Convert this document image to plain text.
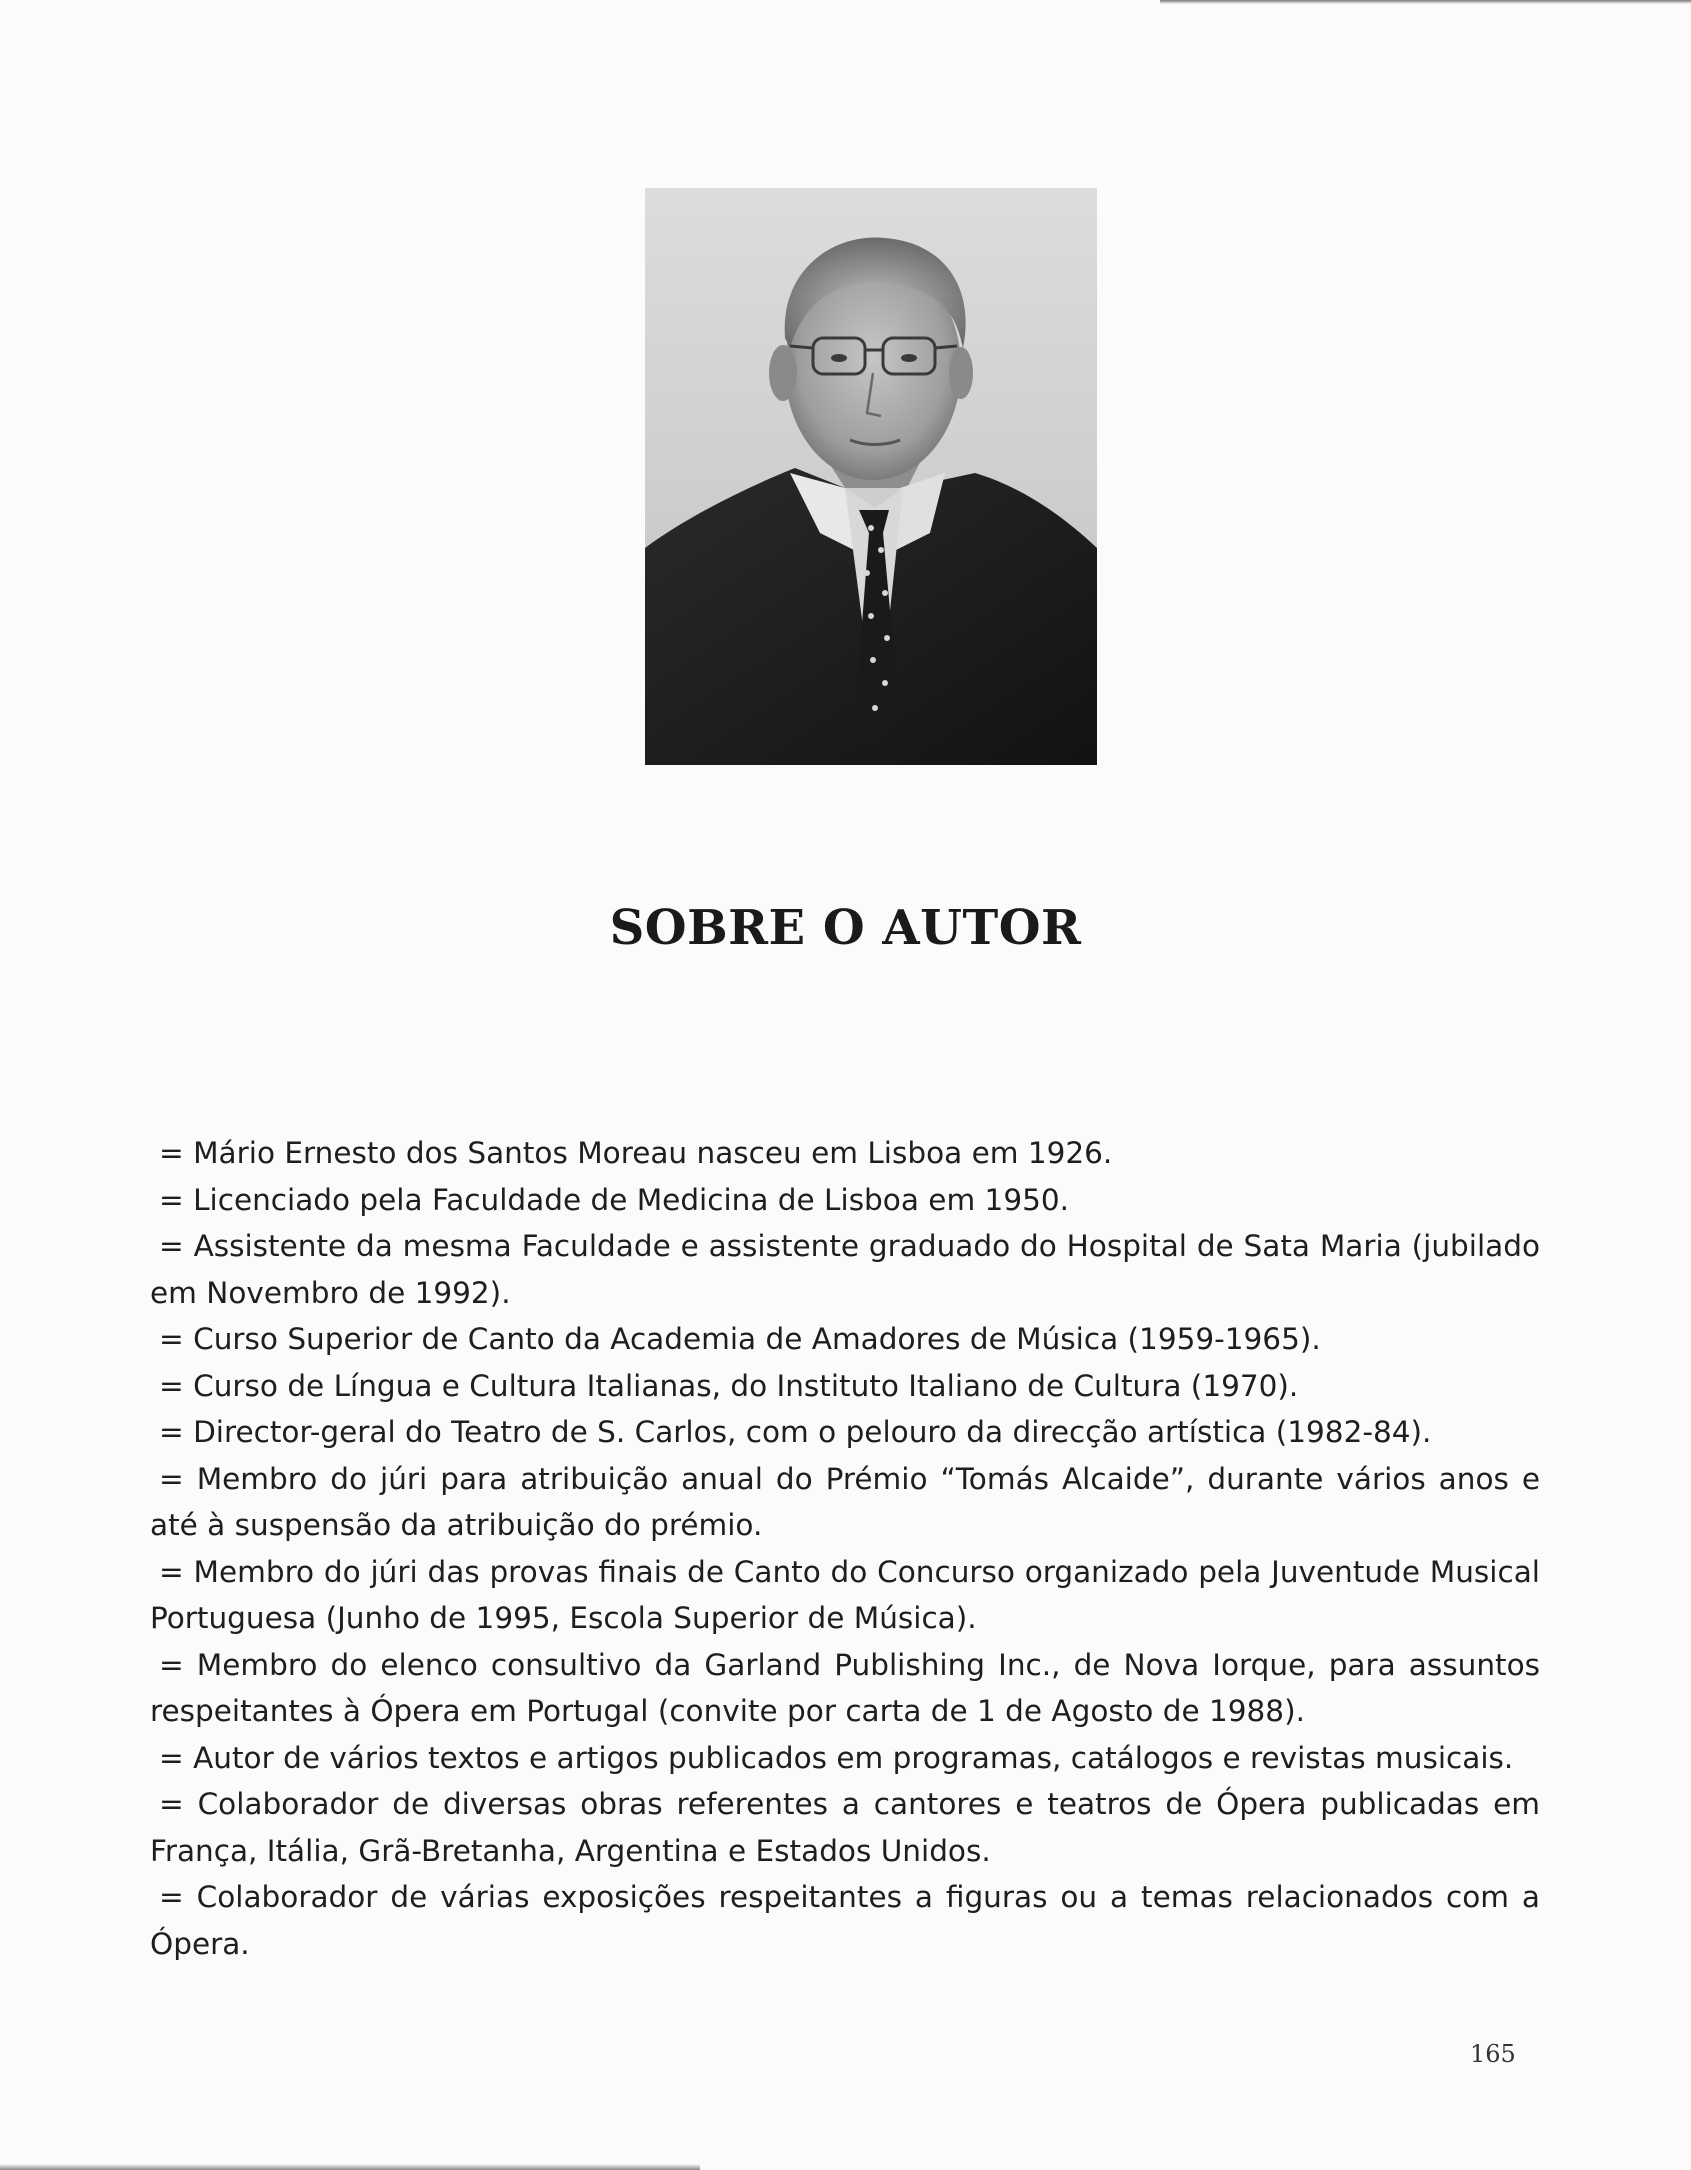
SOBRE O AUTOR
= Mário Ernesto dos Santos Moreau nasceu em Lisboa em 1926.
= Licenciado pela Faculdade de Medicina de Lisboa em 1950.
= Assistente da mesma Faculdade e assistente graduado do Hospital de Sata Maria (jubilado em Novembro de 1992).
= Curso Superior de Canto da Academia de Amadores de Música (1959-1965).
= Curso de Língua e Cultura Italianas, do Instituto Italiano de Cultura (1970).
= Director-geral do Teatro de S. Carlos, com o pelouro da direcção artística (1982-84).
= Membro do júri para atribuição anual do Prémio “Tomás Alcaide”, durante vários anos e até à suspensão da atribuição do prémio.
= Membro do júri das provas finais de Canto do Concurso organizado pela Juventude Musical Portuguesa (Junho de 1995, Escola Superior de Música).
= Membro do elenco consultivo da Garland Publishing Inc., de Nova Iorque, para assuntos respeitantes à Ópera em Portugal (convite por carta de 1 de Agosto de 1988).
= Autor de vários textos e artigos publicados em programas, catálogos e revistas musicais.
= Colaborador de diversas obras referentes a cantores e teatros de Ópera publicadas em França, Itália, Grã-Bretanha, Argentina e Estados Unidos.
= Colaborador de várias exposições respeitantes a figuras ou a temas relacionados com a Ópera.
165
